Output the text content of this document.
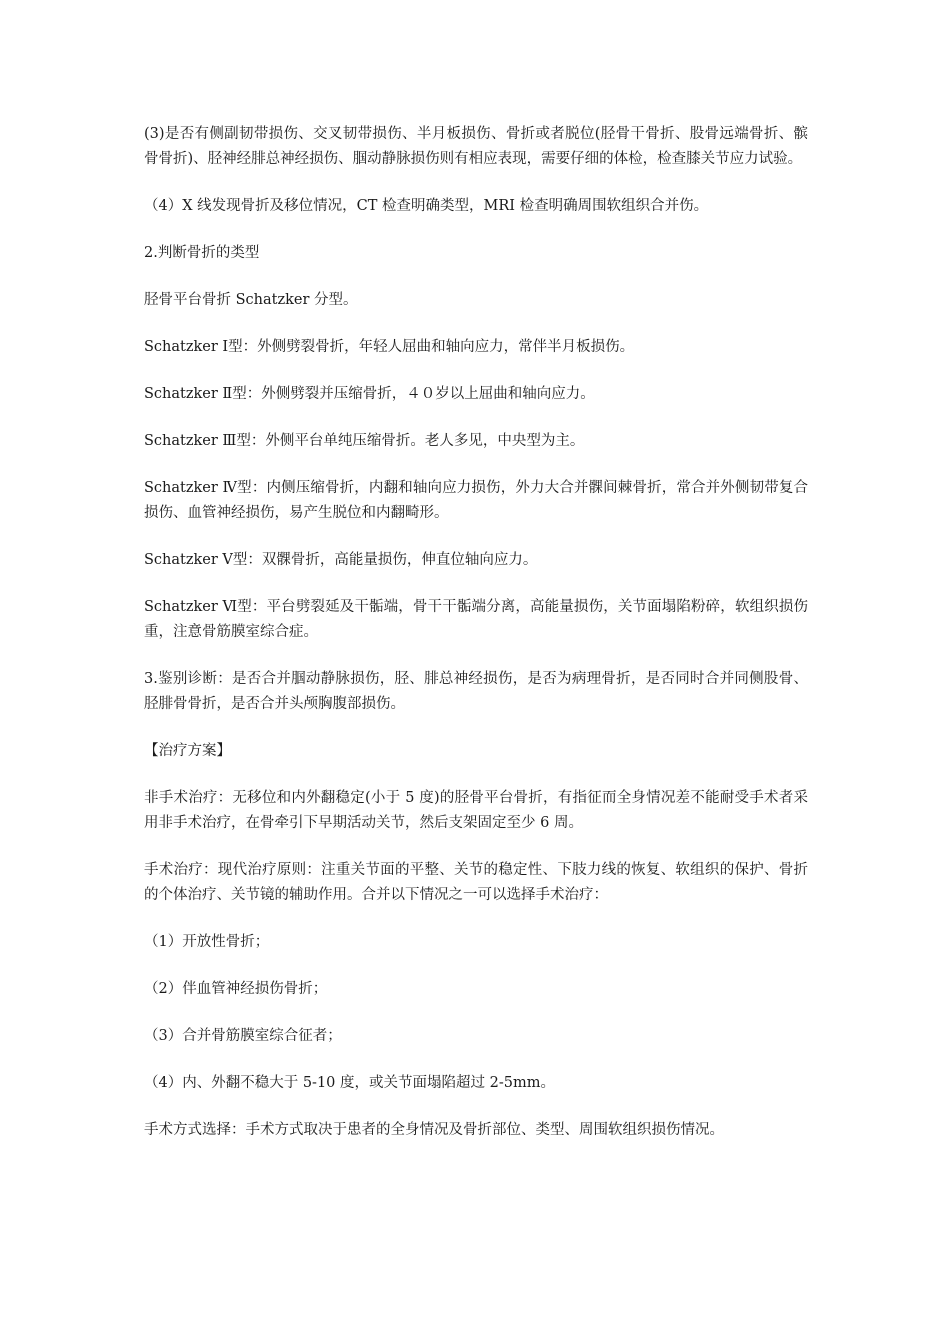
(3)是否有侧副韧带损伤、交叉韧带损伤、半月板损伤、骨折或者脱位(胫骨干骨折、股骨远端骨折、髌骨骨折)、胫神经腓总神经损伤、腘动静脉损伤则有相应表现，需要仔细的体检，检查膝关节应力试验。

（4）X 线发现骨折及移位情况，CT 检查明确类型，MRI 检查明确周围软组织合并伤。

2.判断骨折的类型

胫骨平台骨折 Schatzker 分型。

Schatzker Ⅰ型：外侧劈裂骨折，年轻人屈曲和轴向应力，常伴半月板损伤。

Schatzker Ⅱ型：外侧劈裂并压缩骨折，４０岁以上屈曲和轴向应力。

Schatzker Ⅲ型：外侧平台单纯压缩骨折。老人多见，中央型为主。

Schatzker Ⅳ型：内侧压缩骨折，内翻和轴向应力损伤，外力大合并髁间棘骨折，常合并外侧韧带复合损伤、血管神经损伤，易产生脱位和内翻畸形。

Schatzker Ⅴ型：双髁骨折，高能量损伤，伸直位轴向应力。

Schatzker Ⅵ型：平台劈裂延及干骺端，骨干干骺端分离，高能量损伤，关节面塌陷粉碎，软组织损伤重，注意骨筋膜室综合症。

3.鉴别诊断：是否合并腘动静脉损伤，胫、腓总神经损伤，是否为病理骨折，是否同时合并同侧股骨、胫腓骨骨折，是否合并头颅胸腹部损伤。

【治疗方案】

非手术治疗：无移位和内外翻稳定(小于 5 度)的胫骨平台骨折，有指征而全身情况差不能耐受手术者采用非手术治疗，在骨牵引下早期活动关节，然后支架固定至少 6 周。

手术治疗：现代治疗原则：注重关节面的平整、关节的稳定性、下肢力线的恢复、软组织的保护、骨折的个体治疗、关节镜的辅助作用。合并以下情况之一可以选择手术治疗：

（1）开放性骨折；

（2）伴血管神经损伤骨折；

（3）合并骨筋膜室综合征者；

（4）内、外翻不稳大于 5-10 度，或关节面塌陷超过 2-5mm。

手术方式选择：手术方式取决于患者的全身情况及骨折部位、类型、周围软组织损伤情况。
